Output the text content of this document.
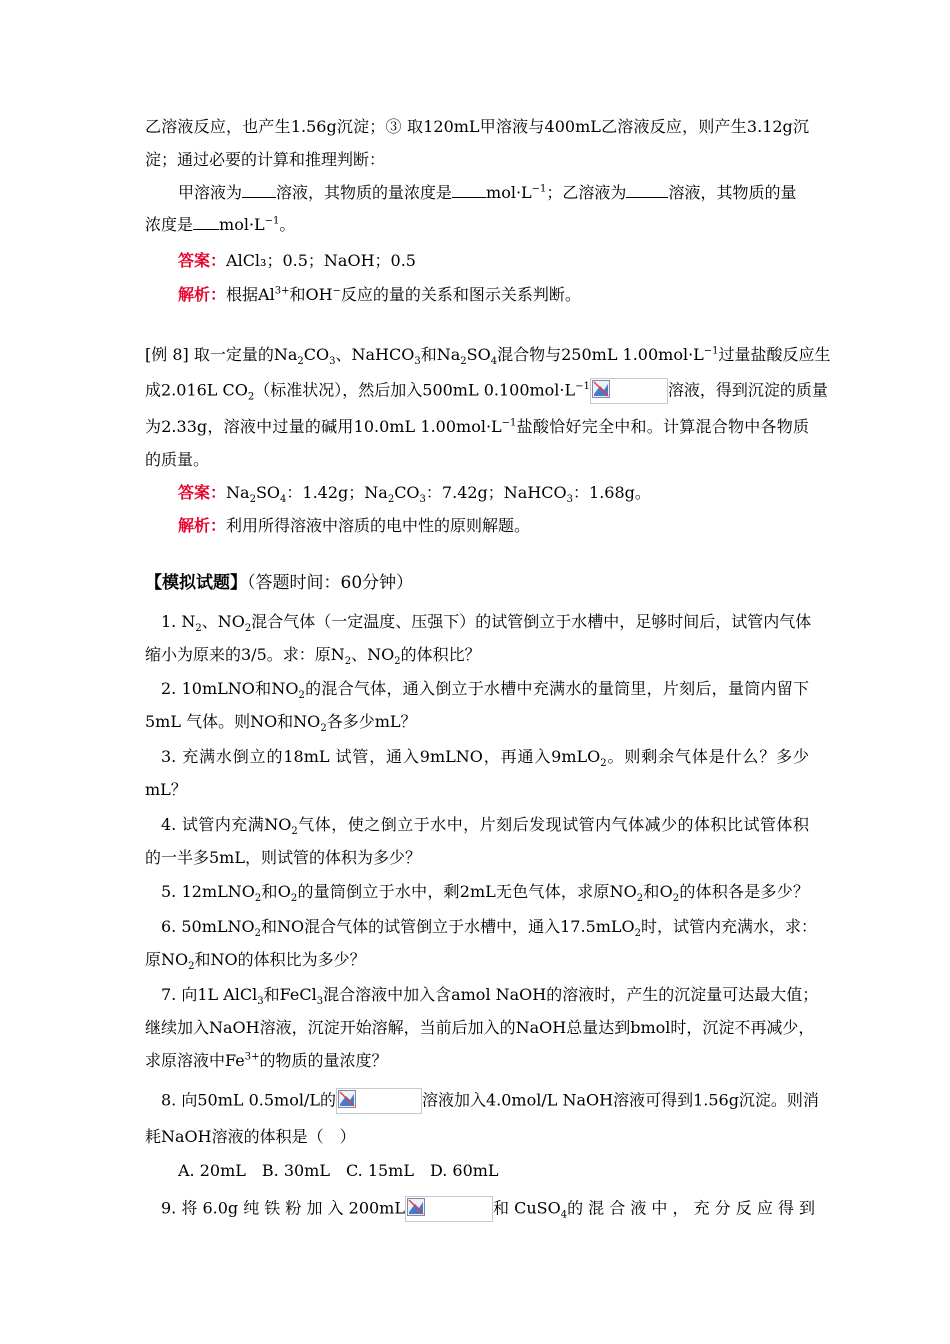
乙溶液反应，也产生1.56g沉淀；③ 取120mL甲溶液与400mL乙溶液反应，则产生3.12g沉
淀；通过必要的计算和推理判断：
甲溶液为 溶液，其物质的量浓度是 $mol\cdot L^{-1}$；乙溶液为	溶液，其物质的量
浓度是 $mol\cdot L^{-1}$。
答案：AlCl₃；0.5；NaOH；0.5
解析：根据$Al^{3+}$和OH−反应的量的关系和图示关系判断。
[例 8] 取一定量的$Na_2CO_3$、NaHCO$_3$和$Na_2SO_4$混合物与250mL $1.00mol\cdot L^{-1}$过量盐酸反应生
成2.016L $CO_2$（标准状况），然后加入500mL $0.100mol\cdot L^{-1}$	溶液，得到沉淀的质量
为2.33g，溶液中过量的碱用10.0mL $1.00mol\cdot L^{-1}$盐酸恰好完全中和。计算混合物中各物质
的质量。
答案：$Na_2SO_4$：1.42g；$Na_2CO_3$：7.42g；NaHCO$_3$：1.68g。
解析：利用所得溶液中溶质的电中性的原则解题。
【模拟试题】（答题时间：60分钟）
1. $N_2$、$NO_2$混合气体（一定温度、压强下）的试管倒立于水槽中，足够时间后，试管内气体
缩小为原来的3/5。求：原$N_2$、$NO_2$的体积比？
2. 10mLNO和$NO_2$的混合气体，通入倒立于水槽中充满水的量筒里，片刻后，量筒内留下
5mL 气体。则NO和$NO_2$各多少mL？
3. 充满水倒立的18mL 试管，通入9mLNO，再通入9mLO$_2$。则剩余气体是什么？多少
mL？
4. 试管内充满$NO_2$气体，使之倒立于水中，片刻后发现试管内气体减少的体积比试管体积
的一半多5mL，则试管的体积为多少？
5. 12mLNO$_2$和$O_2$的量筒倒立于水中，剩2mL无色气体，求原$NO_2$和$O_2$的体积各是多少？
6. 50mLNO$_2$和NO混合气体的试管倒立于水槽中，通入17.5mLO$_2$时，试管内充满水，求：
原$NO_2$和NO的体积比为多少？
7. 向1L AlCl$_3$和FeCl$_3$混合溶液中加入含amol NaOH的溶液时，产生的沉淀量可达最大值；
继续加入NaOH溶液，沉淀开始溶解，当前后加入的NaOH总量达到bmol时，沉淀不再减少，
求原溶液中$Fe^{3+}$的物质的量浓度？
8. 向50mL 0.5mol/L的	溶液加入4.0mol/L NaOH溶液可得到1.56g沉淀。则消
耗NaOH溶液的体积是（　）
A. 20mL　B. 30mL　C. 15mL　D. 60mL
9. 将 6.0g 纯 铁 粉 加 入 200mL	和 CuSO$_4$的 混 合 液 中 ， 充 分 反 应 得 到
